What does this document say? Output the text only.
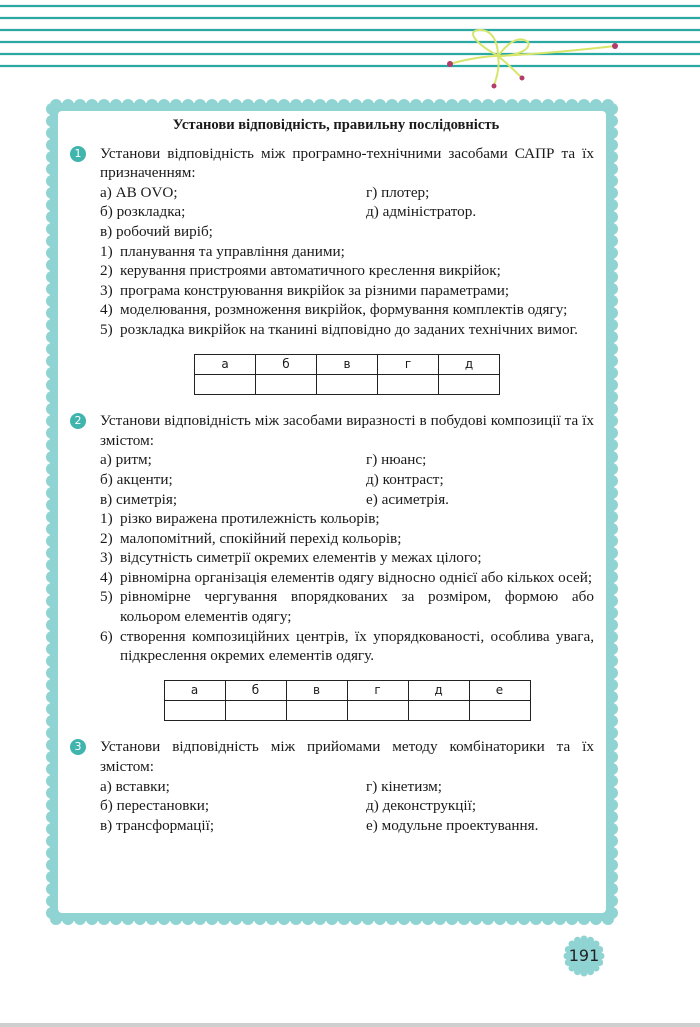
Установи відповідність, правильну послідовність
1 Установи відповідність між програмно-технічними засобами САПР та їх призначенням:
а) AB OVO;
б) розкладка;
в) робочий виріб;
г) плотер;
д) адміністратор.
1) планування та управління даними;
2) керування пристроями автоматичного креслення викрійок;
3) програма конструювання викрійок за різними параметрами;
4) моделювання, розмноження викрійок, формування комплектів одягу;
5) розкладка викрійок на тканині відповідно до заданих технічних вимог.
а	б	в	г	д

2 Установи відповідність між засобами виразності в побудові композиції та їх змістом:
а) ритм;
б) акценти;
в) симетрія;
г) нюанс;
д) контраст;
е) асиметрія.
1) різко виражена протилежність кольорів;
2) малопомітний, спокійний перехід кольорів;
3) відсутність симетрії окремих елементів у межах цілого;
4) рівномірна організація елементів одягу відносно однієї або кількох осей;
5) рівномірне чергування впорядкованих за розміром, формою або кольором елементів одягу;
6) створення композиційних центрів, їх упорядкованості, особлива увага, підкреслення окремих елементів одягу.
а	б	в	г	д	е

3 Установи відповідність між прийомами методу комбінаторики та їх змістом:
а) вставки;
б) перестановки;
в) трансформації;
г) кінетизм;
д) деконструкції;
е) модульне проектування.
191
